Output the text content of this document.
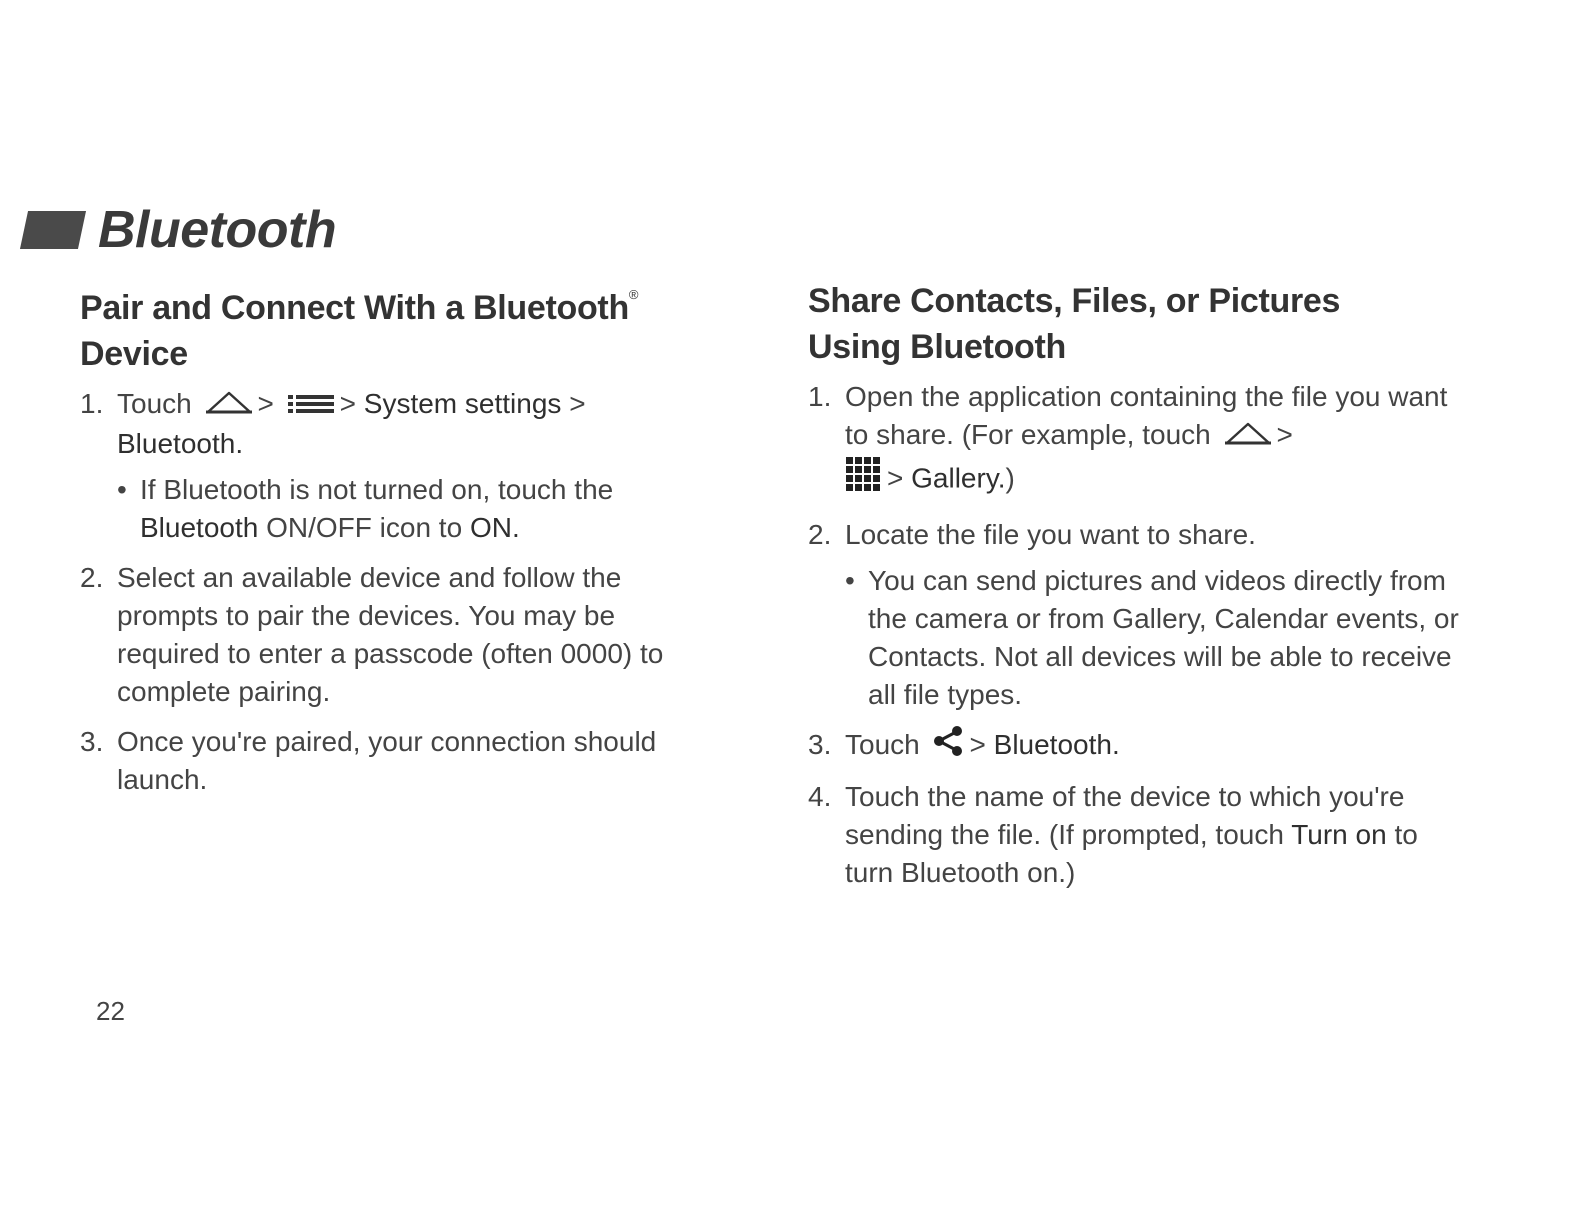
Bluetooth
Pair and Connect With a Bluetooth®
Device
1. Touch > > System settings >
Bluetooth.
• If Bluetooth is not turned on, touch the Bluetooth ON/OFF icon to ON.
2. Select an available device and follow the prompts to pair the devices. You may be required to enter a passcode (often 0000) to complete pairing.
3. Once you're paired, your connection should launch.
Share Contacts, Files, or Pictures
Using Bluetooth
1. Open the application containing the file you want to share. (For example, touch >
> Gallery.)
2. Locate the file you want to share.
• You can send pictures and videos directly from the camera or from Gallery, Calendar events, or Contacts. Not all devices will be able to receive all file types.
3. Touch > Bluetooth.
4. Touch the name of the device to which you're sending the file. (If prompted, touch Turn on to turn Bluetooth on.)
22
